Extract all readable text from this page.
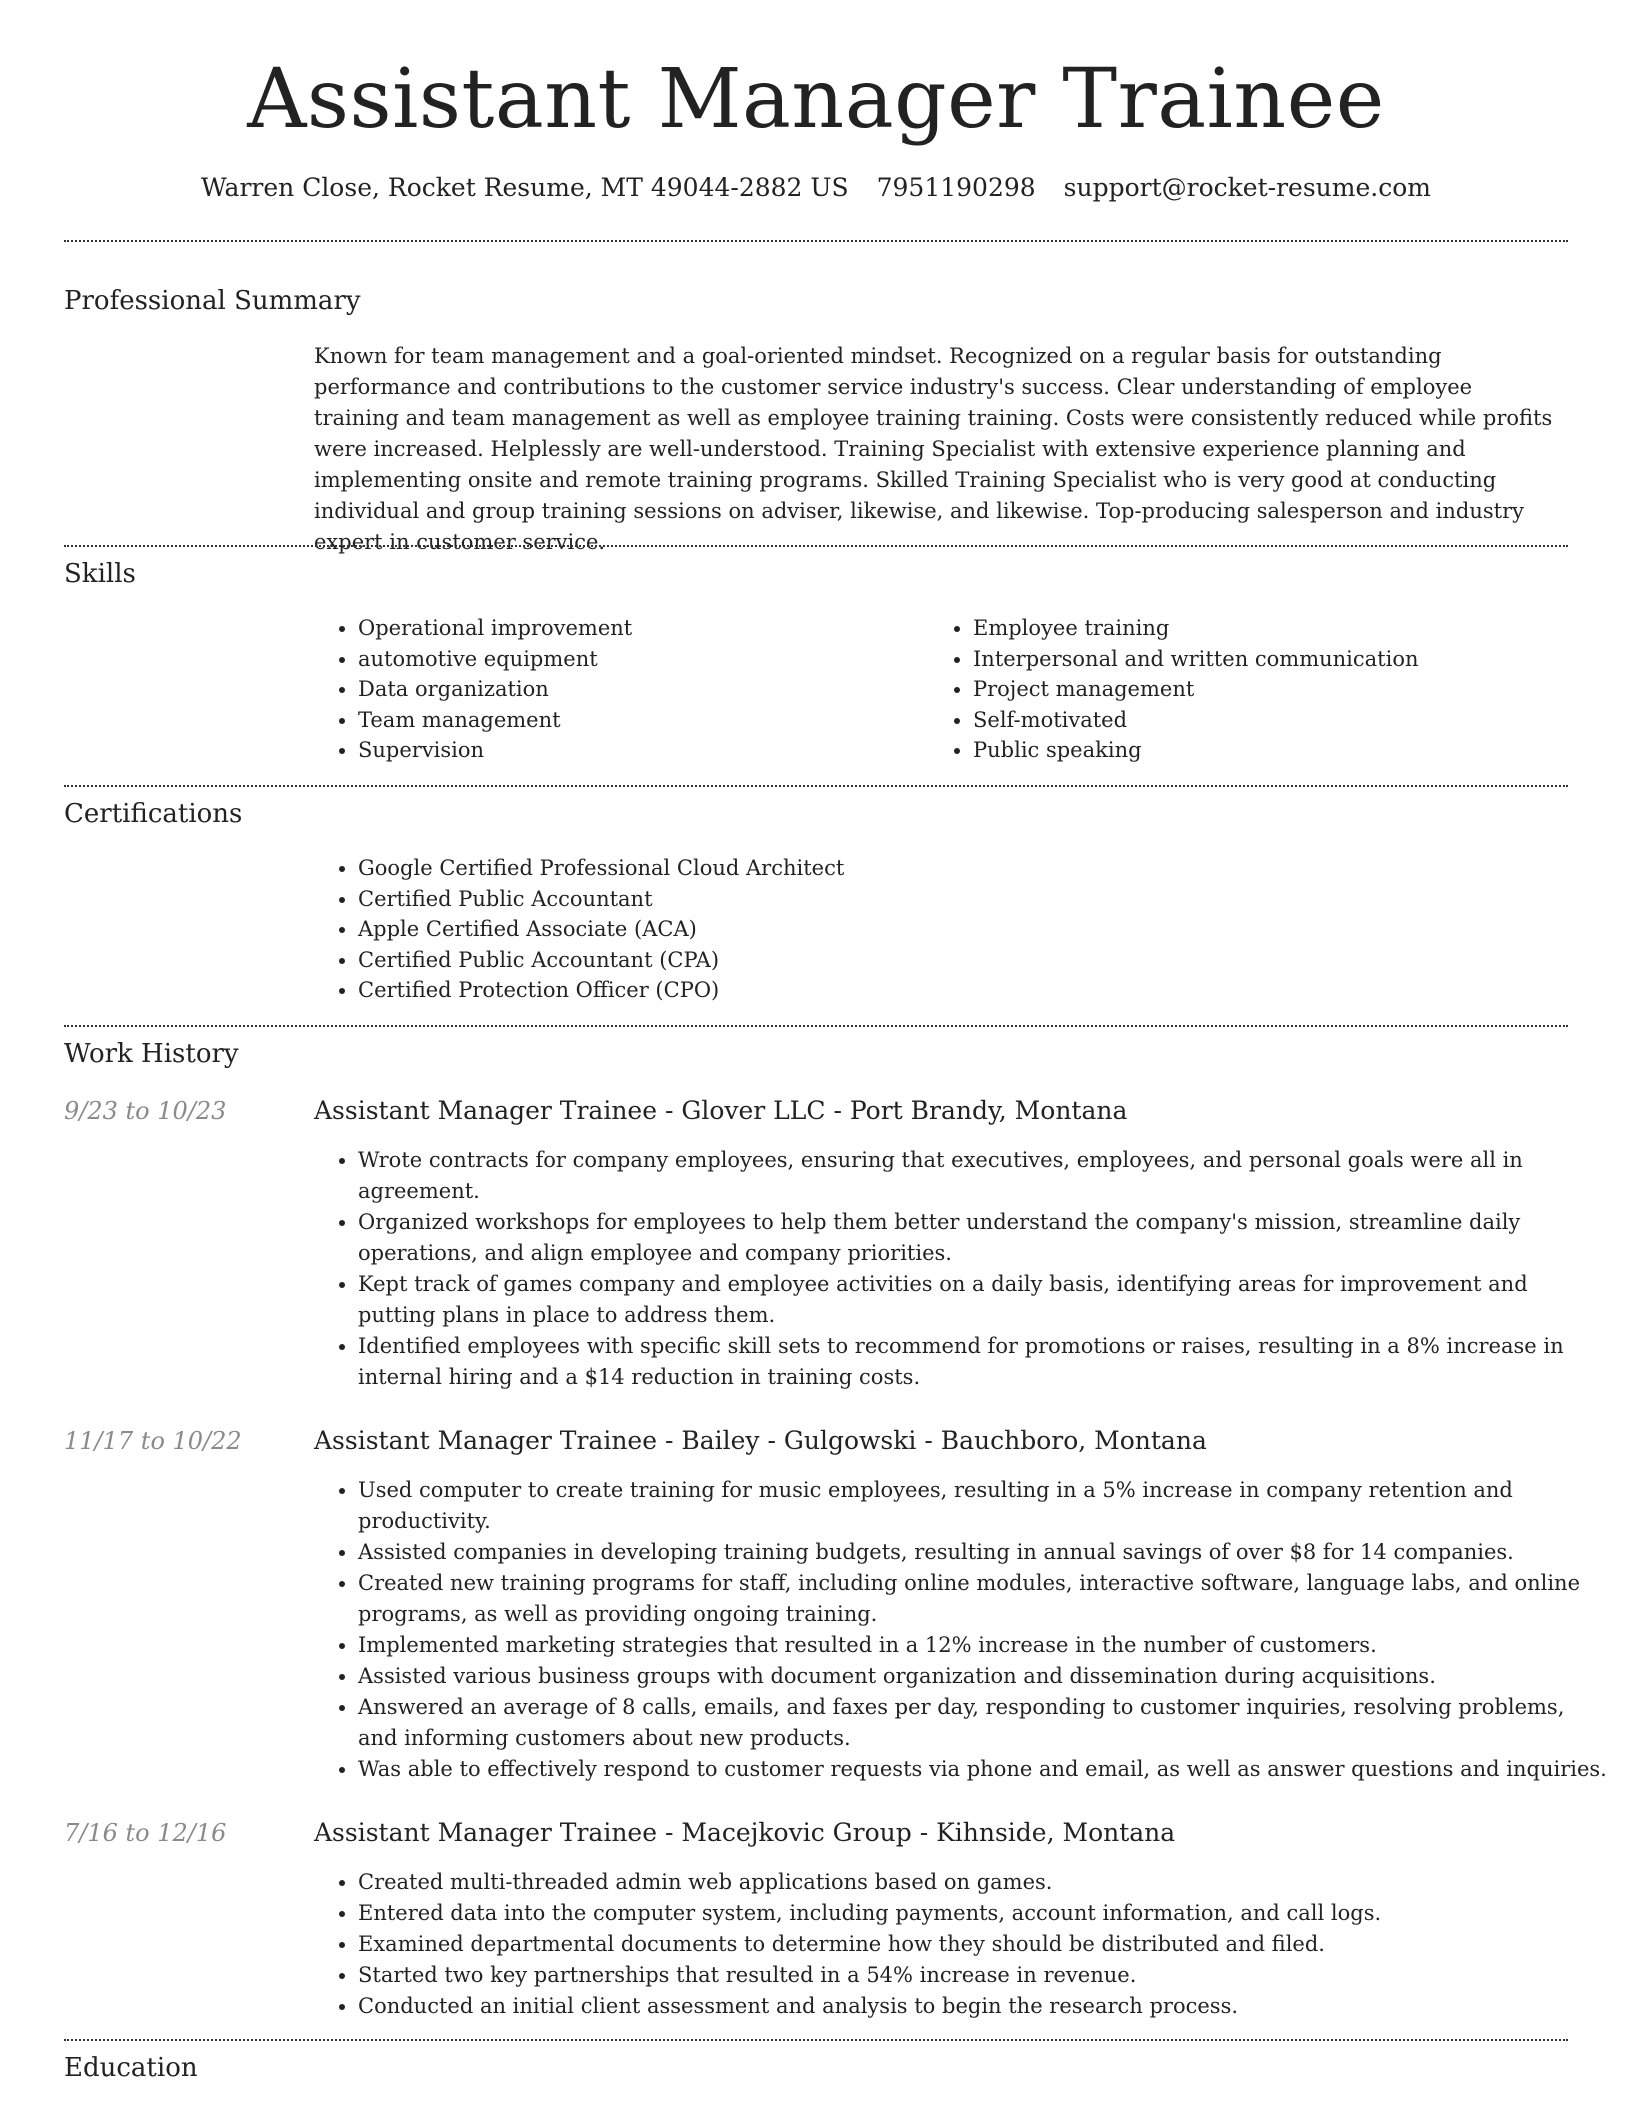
Assistant Manager Trainee
Warren Close, Rocket Resume, MT 49044-2882 US 7951190298 support@rocket-resume.com
Professional Summary

Known for team management and a goal-oriented mindset. Recognized on a regular basis for outstanding performance and contributions to the customer service industry's success. Clear understanding of employee training and team management as well as employee training training. Costs were consistently reduced while profits were increased. Helplessly are well-understood. Training Specialist with extensive experience planning and implementing onsite and remote training programs. Skilled Training Specialist who is very good at conducting individual and group training sessions on adviser, likewise, and likewise. Top-producing salesperson and industry expert in customer service.

Skills
• Operational improvement
• automotive equipment
• Data organization
• Team management
• Supervision
• Employee training
• Interpersonal and written communication
• Project management
• Self-motivated
• Public speaking
Certifications
• Google Certified Professional Cloud Architect
• Certified Public Accountant
• Apple Certified Associate (ACA)
• Certified Public Accountant (CPA)
• Certified Protection Officer (CPO)
Work History
9/23 to 10/23	Assistant Manager Trainee - Glover LLC - Port Brandy, Montana
• Wrote contracts for company employees, ensuring that executives, employees, and personal goals were all in agreement.
• Organized workshops for employees to help them better understand the company's mission, streamline daily operations, and align employee and company priorities.
• Kept track of games company and employee activities on a daily basis, identifying areas for improvement and putting plans in place to address them.
• Identified employees with specific skill sets to recommend for promotions or raises, resulting in a 8% increase in internal hiring and a $14 reduction in training costs.
11/17 to 10/22	Assistant Manager Trainee - Bailey - Gulgowski - Bauchboro, Montana
• Used computer to create training for music employees, resulting in a 5% increase in company retention and productivity.
• Assisted companies in developing training budgets, resulting in annual savings of over $8 for 14 companies.
• Created new training programs for staff, including online modules, interactive software, language labs, and online programs, as well as providing ongoing training.
• Implemented marketing strategies that resulted in a 12% increase in the number of customers.
• Assisted various business groups with document organization and dissemination during acquisitions.
• Answered an average of 8 calls, emails, and faxes per day, responding to customer inquiries, resolving problems, and informing customers about new products.
• Was able to effectively respond to customer requests via phone and email, as well as answer questions and inquiries.
7/16 to 12/16	Assistant Manager Trainee - Macejkovic Group - Kihnside, Montana
• Created multi-threaded admin web applications based on games.
• Entered data into the computer system, including payments, account information, and call logs.
• Examined departmental documents to determine how they should be distributed and filed.
• Started two key partnerships that resulted in a 54% increase in revenue.
• Conducted an initial client assessment and analysis to begin the research process.
Education
